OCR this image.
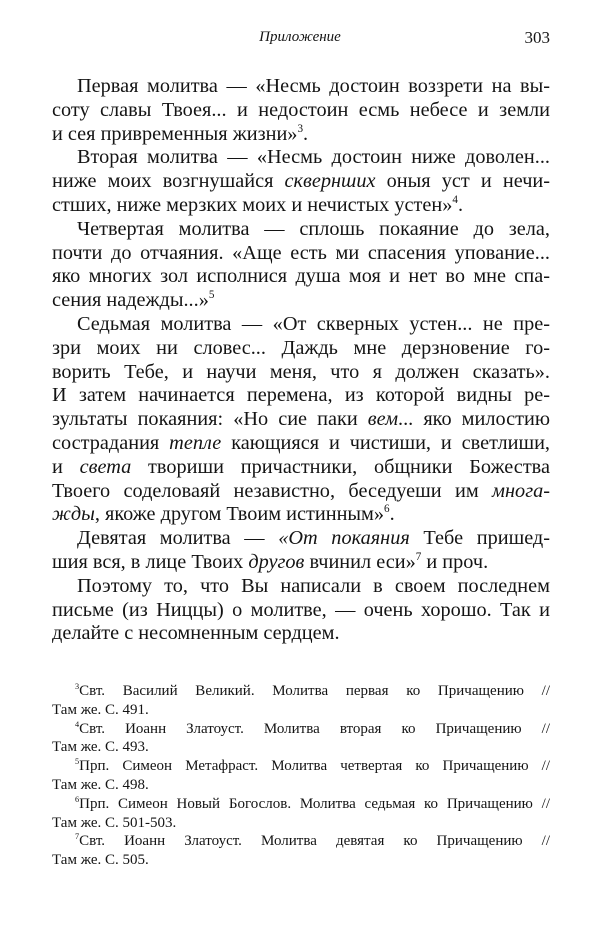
Приложение	303
Первая молитва — «Несмь достоин воззрети на вы-
соту славы Твоея... и недостоин есмь небесе и земли
и сея привременныя жизни»$^3$.
Вторая молитва — «Несмь достоин ниже доволен...
ниже моих возгнушайся сквернших оныя уст и нечи-
стших, ниже мерзких моих и нечистых устен»$^4$.
Четвертая молитва — сплошь покаяние до зела,
почти до отчаяния. «Аще есть ми спасения упование...
яко многих зол исполнися душа моя и нет во мне спа-
сения надежды...»$^5$
Седьмая молитва — «От скверных устен... не пре-
зри моих ни словес... Даждь мне дерзновение го-
ворить Тебе, и научи меня, что я должен сказать».
И затем начинается перемена, из которой видны ре-
зультаты покаяния: «Но сие паки вем... яко милостию
сострадания тепле кающияся и чистиши, и светлиши,
и света твориши причастники, общники Божества
Твоего соделоваяй независтно, беседуеши им многа-
жды, якоже другом Твоим истинным»$^6$.
Девятая молитва — «От покаяния Тебе пришед-
шия вся, в лице Твоих другов вчинил еси»$^7$ и проч.
Поэтому то, что Вы написали в своем последнем
письме (из Ниццы) о молитве, — очень хорошо. Так и
делайте с несомненным сердцем.
$^3$Свт. Василий Великий. Молитва первая ко Причащению //
Там же. С. 491.
$^4$Свт. Иоанн Златоуст. Молитва вторая ко Причащению //
Там же. С. 493.
$^5$Прп. Симеон Метафраст. Молитва четвертая ко Причащению //
Там же. С. 498.
$^6$Прп. Симеон Новый Богослов. Молитва седьмая ко Причащению //
Там же. С. 501-503.
$^7$Свт. Иоанн Златоуст. Молитва девятая ко Причащению //
Там же. С. 505.
